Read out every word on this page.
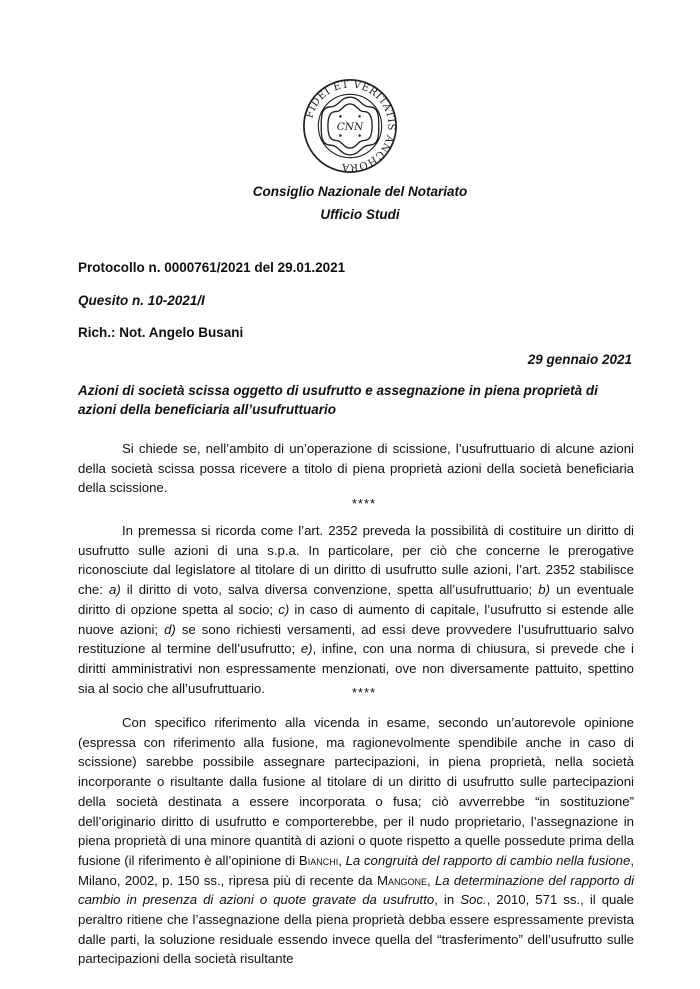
FIDEI ET VERITATIS ANCHORA
CNN
Consiglio Nazionale del Notariato
Ufficio Studi
Protocollo n. 0000761/2021 del 29.01.2021
Quesito n. 10-2021/I
Rich.: Not. Angelo Busani
29 gennaio 2021
Azioni di società scissa oggetto di usufrutto e assegnazione in piena proprietà di azioni della beneficiaria all’usufruttuario
Si chiede se, nell’ambito di un’operazione di scissione, l’usufruttuario di alcune azioni della società scissa possa ricevere a titolo di piena proprietà azioni della società beneficiaria della scissione.
****
In premessa si ricorda come l’art. 2352 preveda la possibilità di costituire un diritto di usufrutto sulle azioni di una s.p.a. In particolare, per ciò che concerne le prerogative riconosciute dal legislatore al titolare di un diritto di usufrutto sulle azioni, l’art. 2352 stabilisce che: a) il diritto di voto, salva diversa convenzione, spetta all’usufruttuario; b) un eventuale diritto di opzione spetta al socio; c) in caso di aumento di capitale, l’usufrutto si estende alle nuove azioni; d) se sono richiesti versamenti, ad essi deve provvedere l’usufruttuario salvo restituzione al termine dell’usufrutto; e), infine, con una norma di chiusura, si prevede che i diritti amministrativi non espressamente menzionati, ove non diversamente pattuito, spettino sia al socio che all’usufruttuario.	****
Con specifico riferimento alla vicenda in esame, secondo un’autorevole opinione (espressa con riferimento alla fusione, ma ragionevolmente spendibile anche in caso di scissione) sarebbe possibile assegnare partecipazioni, in piena proprietà, nella società incorporante o risultante dalla fusione al titolare di un diritto di usufrutto sulle partecipazioni della società destinata a essere incorporata o fusa; ciò avverrebbe “in sostituzione” dell’originario diritto di usufrutto e comporterebbe, per il nudo proprietario, l’assegnazione in piena proprietà di una minore quantità di azioni o quote rispetto a quelle possedute prima della fusione (il riferimento è all’opinione di Bianchi, La congruità del rapporto di cambio nella fusione, Milano, 2002, p. 150 ss., ripresa più di recente da Mangone, La determinazione del rapporto di cambio in presenza di azioni o quote gravate da usufrutto, in Soc., 2010, 571 ss., il quale peraltro ritiene che l’assegnazione della piena proprietà debba essere espressamente prevista dalle parti, la soluzione residuale essendo invece quella del “trasferimento” dell’usufrutto sulle partecipazioni della società risultante
